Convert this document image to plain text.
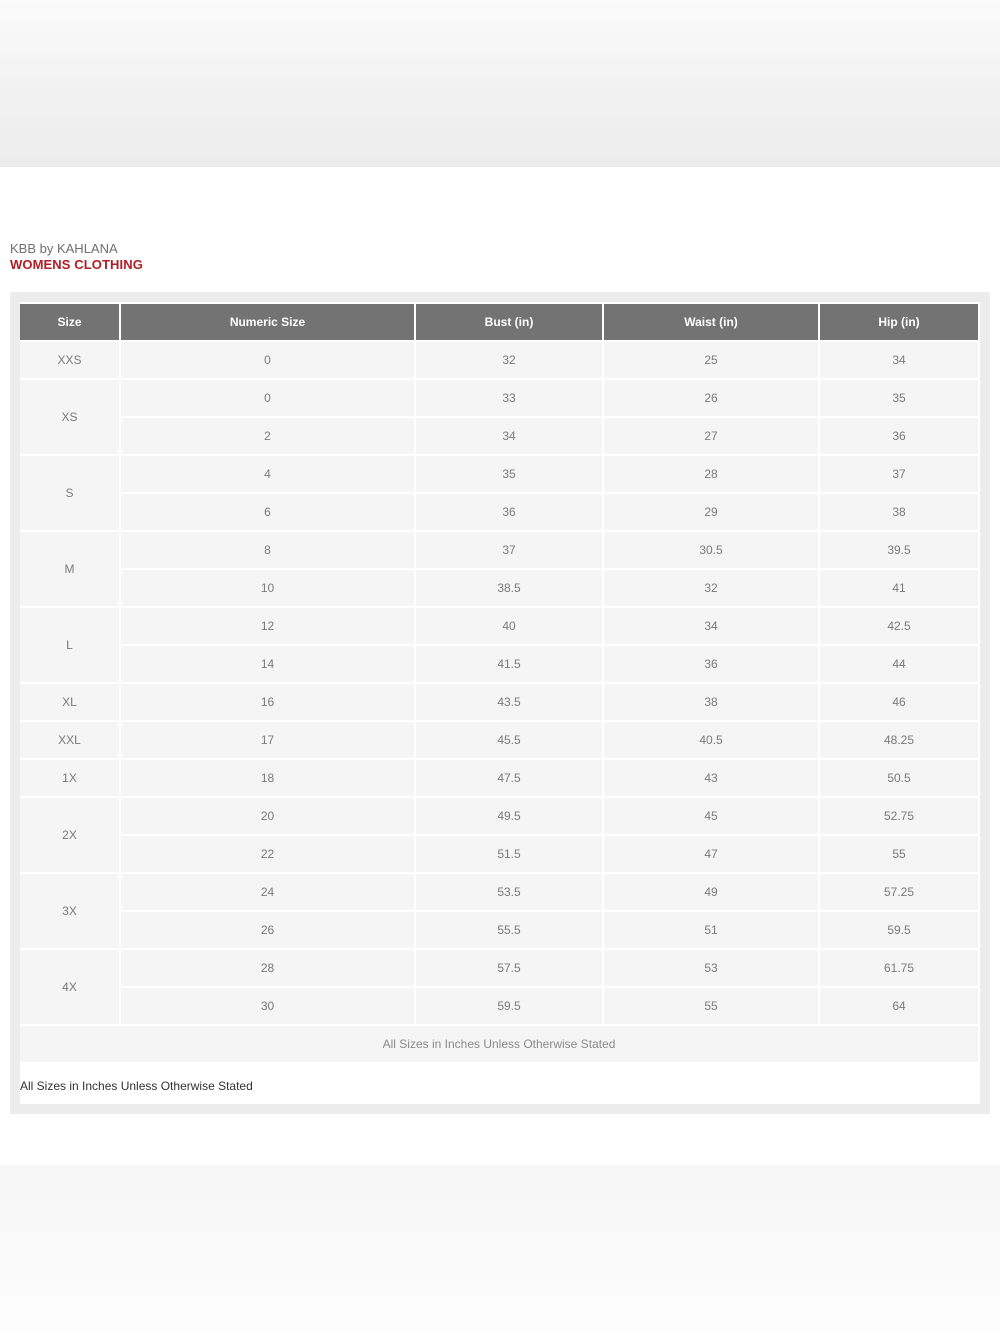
KBB by KAHLANA
WOMENS CLOTHING
Size	Numeric Size	Bust (in)	Waist (in)	Hip (in)
XXS	0	32	25	34
XS	0	33	26	35
	2	34	27	36
S	4	35	28	37
	6	36	29	38
M	8	37	30.5	39.5
	10	38.5	32	41
L	12	40	34	42.5
	14	41.5	36	44
XL	16	43.5	38	46
XXL	17	45.5	40.5	48.25
1X	18	47.5	43	50.5
2X	20	49.5	45	52.75
	22	51.5	47	55
3X	24	53.5	49	57.25
	26	55.5	51	59.5
4X	28	57.5	53	61.75
	30	59.5	55	64
All Sizes in Inches Unless Otherwise Stated				
All Sizes in Inches Unless Otherwise Stated
